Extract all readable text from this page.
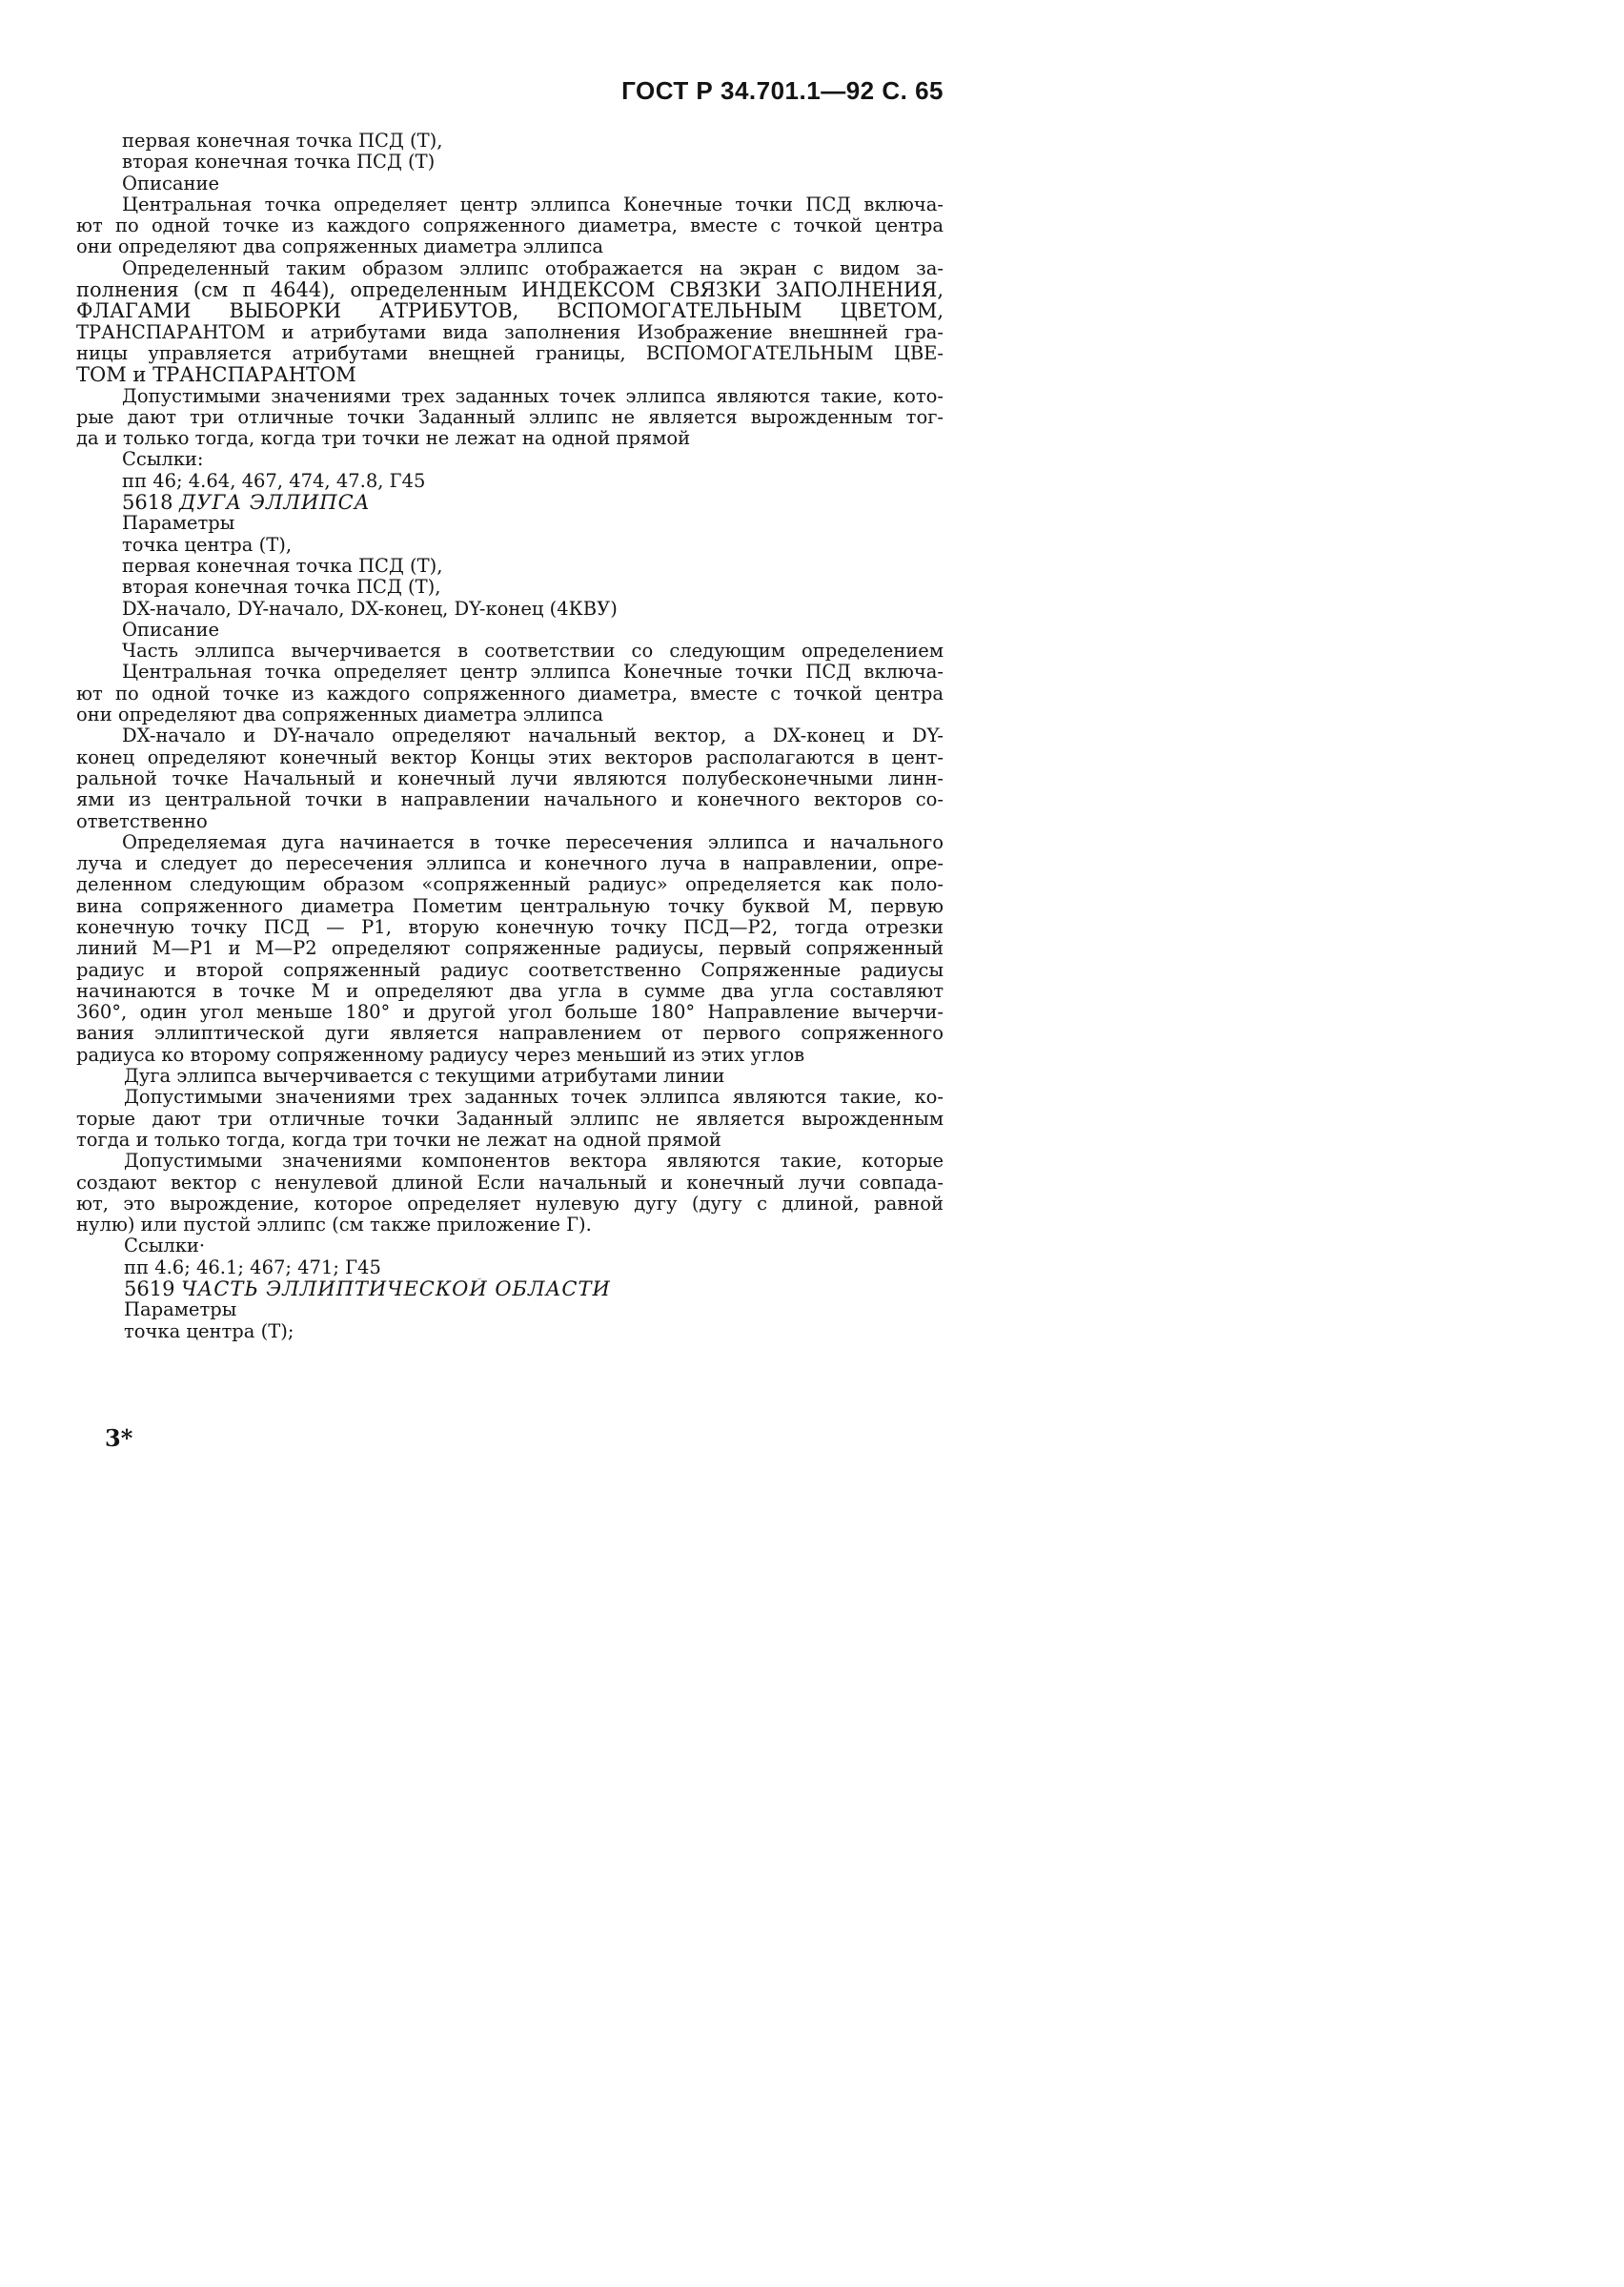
ГОСТ Р 34.701.1—92 С. 65
первая конечная точка ПСД (Т),
вторая конечная точка ПСД (Т)
Описание
Центральная точка определяет центр эллипса Конечные точки ПСД включа-
ют по одной точке из каждого сопряженного диаметра, вместе с точкой центра
они определяют два сопряженных диаметра эллипса
Определенный таким образом эллипс отображается на экран с видом за-
полнения (см п 4644), определенным ИНДЕКСОМ СВЯЗКИ ЗАПОЛНЕНИЯ,
ФЛАГАМИ ВЫБОРКИ АТРИБУТОВ, ВСПОМОГАТЕЛЬНЫМ ЦВЕТОМ,
ТРАНСПАРАНТОМ и атрибутами вида заполнения Изображение внешнней гра-
ницы управляется атрибутами внещней границы, ВСПОМОГАТЕЛЬНЫМ ЦВЕ-
ТОМ и ТРАНСПАРАНТОМ
Допустимыми значениями трех заданных точек эллипса являются такие, кото-
рые дают три отличные точки Заданный эллипс не является вырожденным тог-
да и только тогда, когда три точки не лежат на одной прямой
Ссылки:
пп 46; 4.64, 467, 474, 47.8, Г45
5618 ДУГА ЭЛЛИПСА
Параметры
точка центра (Т),
первая конечная точка ПСД (Т),
вторая конечная точка ПСД (Т),
DX-начало, DY-начало, DX-конец, DY-конец (4КВУ)
Описание
Часть эллипса вычерчивается в соответствии со следующим определением
Центральная точка определяет центр эллипса Конечные точки ПСД включа-
ют по одной точке из каждого сопряженного диаметра, вместе с точкой центра
они определяют два сопряженных диаметра эллипса
DX-начало и DY-начало определяют начальный вектор, а DX-конец и DY-
конец определяют конечный вектор Концы этих векторов располагаются в цент-
ральной точке Начальный и конечный лучи являются полубесконечными линн-
ями из центральной точки в направлении начального и конечного векторов со-
ответственно
Определяемая дуга начинается в точке пересечения эллипса и начального
луча и следует до пересечения эллипса и конечного луча в направлении, опре-
деленном следующим образом «сопряженный радиус» определяется как поло-
вина сопряженного диаметра Пометим центральную точку буквой М, первую
конечную точку ПСД — Р1, вторую конечную точку ПСД—Р2, тогда отрезки
линий М—Р1 и М—Р2 определяют сопряженные радиусы, первый сопряженный
радиус и второй сопряженный радиус соответственно Сопряженные радиусы
начинаются в точке М и определяют два угла в сумме два угла составляют
360°, один угол меньше 180° и другой угол больше 180° Направление вычерчи-
вания эллиптической дуги является направлением от первого сопряженного
радиуса ко второму сопряженному радиусу через меньший из этих углов
Дуга эллипса вычерчивается с текущими атрибутами линии
Допустимыми значениями трех заданных точек эллипса являются такие, ко-
торые дают три отличные точки Заданный эллипс не является вырожденным
тогда и только тогда, когда три точки не лежат на одной прямой
Допустимыми значениями компонентов вектора являются такие, которые
создают вектор с ненулевой длиной Если начальный и конечный лучи совпада-
ют, это вырождение, которое определяет нулевую дугу (дугу с длиной, равной
нулю) или пустой эллипс (см также приложение Г).
Ссылки·
пп 4.6; 46.1; 467; 471; Г45
5619 ЧАСТЬ ЭЛЛИПТИЧЕСКОЙ ОБЛАСТИ
Параметры
точка центра (Т);
3*
